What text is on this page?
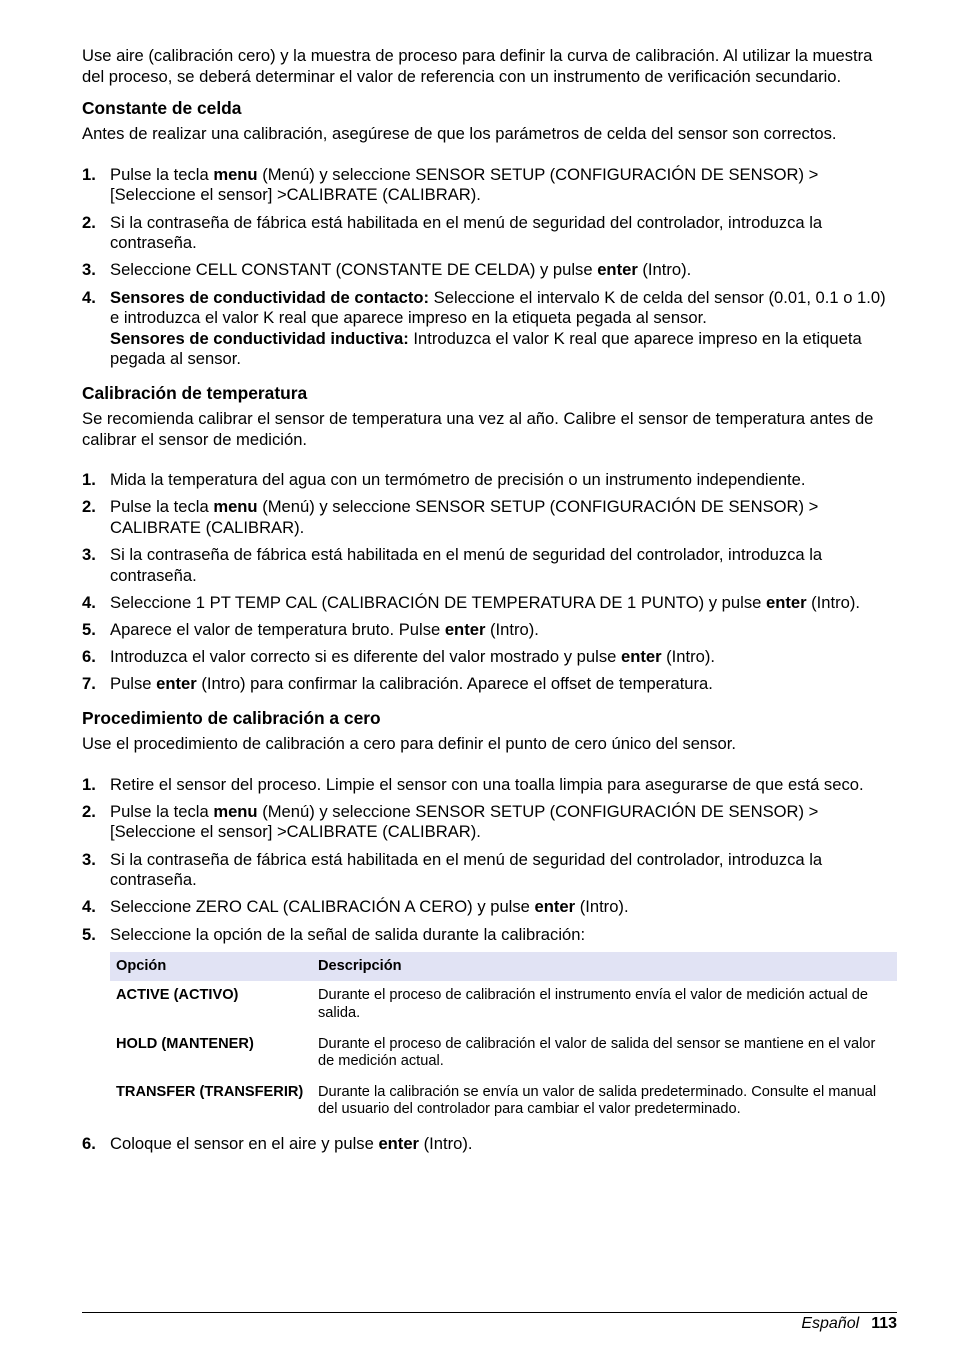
Use aire (calibración cero) y la muestra de proceso para definir la curva de calibración. Al utilizar la muestra del proceso, se deberá determinar el valor de referencia con un instrumento de verificación secundario.

Constante de celda

Antes de realizar una calibración, asegúrese de que los parámetros de celda del sensor son correctos.

1. Pulse la tecla menu (Menú) y seleccione SENSOR SETUP (CONFIGURACIÓN DE SENSOR) > [Seleccione el sensor] >CALIBRATE (CALIBRAR).
2. Si la contraseña de fábrica está habilitada en el menú de seguridad del controlador, introduzca la contraseña.
3. Seleccione CELL CONSTANT (CONSTANTE DE CELDA) y pulse enter (Intro).
4. Sensores de conductividad de contacto: Seleccione el intervalo K de celda del sensor (0.01, 0.1 o 1.0) e introduzca el valor K real que aparece impreso en la etiqueta pegada al sensor.
Sensores de conductividad inductiva: Introduzca el valor K real que aparece impreso en la etiqueta pegada al sensor.
Calibración de temperatura

Se recomienda calibrar el sensor de temperatura una vez al año. Calibre el sensor de temperatura antes de calibrar el sensor de medición.

1. Mida la temperatura del agua con un termómetro de precisión o un instrumento independiente.
2. Pulse la tecla menu (Menú) y seleccione SENSOR SETUP (CONFIGURACIÓN DE SENSOR) > CALIBRATE (CALIBRAR).
3. Si la contraseña de fábrica está habilitada en el menú de seguridad del controlador, introduzca la contraseña.
4. Seleccione 1 PT TEMP CAL (CALIBRACIÓN DE TEMPERATURA DE 1 PUNTO) y pulse enter (Intro).
5. Aparece el valor de temperatura bruto. Pulse enter (Intro).
6. Introduzca el valor correcto si es diferente del valor mostrado y pulse enter (Intro).
7. Pulse enter (Intro) para confirmar la calibración. Aparece el offset de temperatura.
Procedimiento de calibración a cero

Use el procedimiento de calibración a cero para definir el punto de cero único del sensor.

1. Retire el sensor del proceso. Limpie el sensor con una toalla limpia para asegurarse de que está seco.
2. Pulse la tecla menu (Menú) y seleccione SENSOR SETUP (CONFIGURACIÓN DE SENSOR) > [Seleccione el sensor] >CALIBRATE (CALIBRAR).
3. Si la contraseña de fábrica está habilitada en el menú de seguridad del controlador, introduzca la contraseña.
4. Seleccione ZERO CAL (CALIBRACIÓN A CERO) y pulse enter (Intro).
5. Seleccione la opción de la señal de salida durante la calibración:
Opción	Descripción
ACTIVE (ACTIVO)	Durante el proceso de calibración el instrumento envía el valor de medición actual de salida.
HOLD (MANTENER)	Durante el proceso de calibración el valor de salida del sensor se mantiene en el valor de medición actual.
TRANSFER (TRANSFERIR)	Durante la calibración se envía un valor de salida predeterminado. Consulte el manual del usuario del controlador para cambiar el valor predeterminado.
6. Coloque el sensor en el aire y pulse enter (Intro).
Español 113
